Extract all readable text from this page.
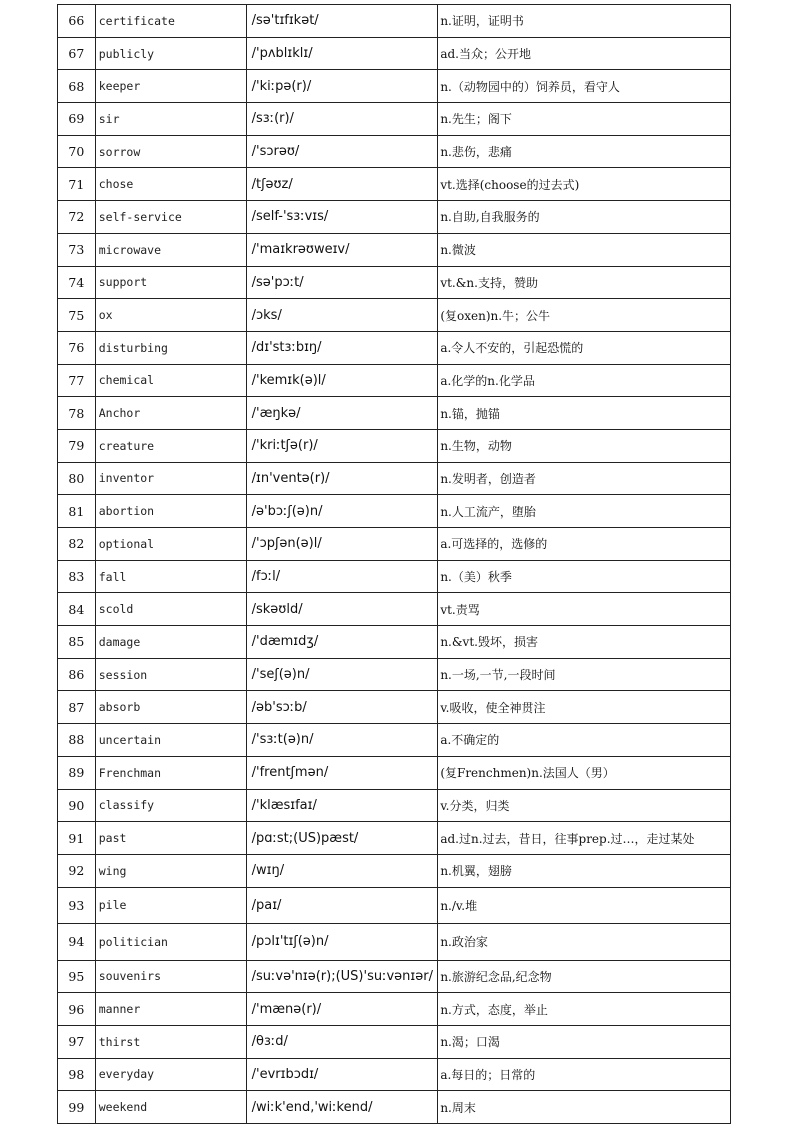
66	certificate	/sə'tɪfɪkət/	n.证明，证明书
67	publicly	/'pʌblɪklɪ/	ad.当众；公开地
68	keeper	/'kiːpə(r)/	n.（动物园中的）饲养员，看守人
69	sir	/sɜː(r)/	n.先生；阁下
70	sorrow	/'sɔrəʊ/	n.悲伤，悲痛
71	chose	/tʃəʊz/	vt.选择(choose的过去式)
72	self-service	/self-'sɜːvɪs/	n.自助,自我服务的
73	microwave	/'maɪkrəʊweɪv/	n.微波
74	support	/sə'pɔːt/	vt.&n.支持，赞助
75	ox	/ɔks/	(复oxen)n.牛；公牛
76	disturbing	/dɪ'stɜːbɪŋ/	a.令人不安的，引起恐慌的
77	chemical	/'kemɪk(ə)l/	a.化学的n.化学品
78	Anchor	/'æŋkə/	n.锚，抛锚
79	creature	/'kriːtʃə(r)/	n.生物，动物
80	inventor	/ɪn'ventə(r)/	n.发明者，创造者
81	abortion	/ə'bɔːʃ(ə)n/	n.人工流产，堕胎
82	optional	/'ɔpʃən(ə)l/	a.可选择的，选修的
83	fall	/fɔːl/	n.（美）秋季
84	scold	/skəʊld/	vt.责骂
85	damage	/'dæmɪdʒ/	n.&vt.毁坏，损害
86	session	/'seʃ(ə)n/	n.一场,一节,一段时间
87	absorb	/əb'sɔːb/	v.吸收，使全神贯注
88	uncertain	/'sɜːt(ə)n/	a.不确定的
89	Frenchman	/'frentʃmən/	(复Frenchmen)n.法国人（男）
90	classify	/'klæsɪfaɪ/	v.分类，归类
91	past	/pɑːst;(US)pæst/	ad.过n.过去，昔日，往事prep.过…，走过某处
92	wing	/wɪŋ/	n.机翼，翅膀
93	pile	/paɪ/	n./v.堆
94	politician	/pɔlɪ'tɪʃ(ə)n/	n.政治家
95	souvenirs	/suːvə'nɪə(r);(US)'suːvənɪər/	n.旅游纪念品,纪念物
96	manner	/'mænə(r)/	n.方式，态度，举止
97	thirst	/θɜːd/	n.渴；口渴
98	everyday	/'evrɪbɔdɪ/	a.每日的；日常的
99	weekend	/wiːk'end,'wiːkend/	n.周末
